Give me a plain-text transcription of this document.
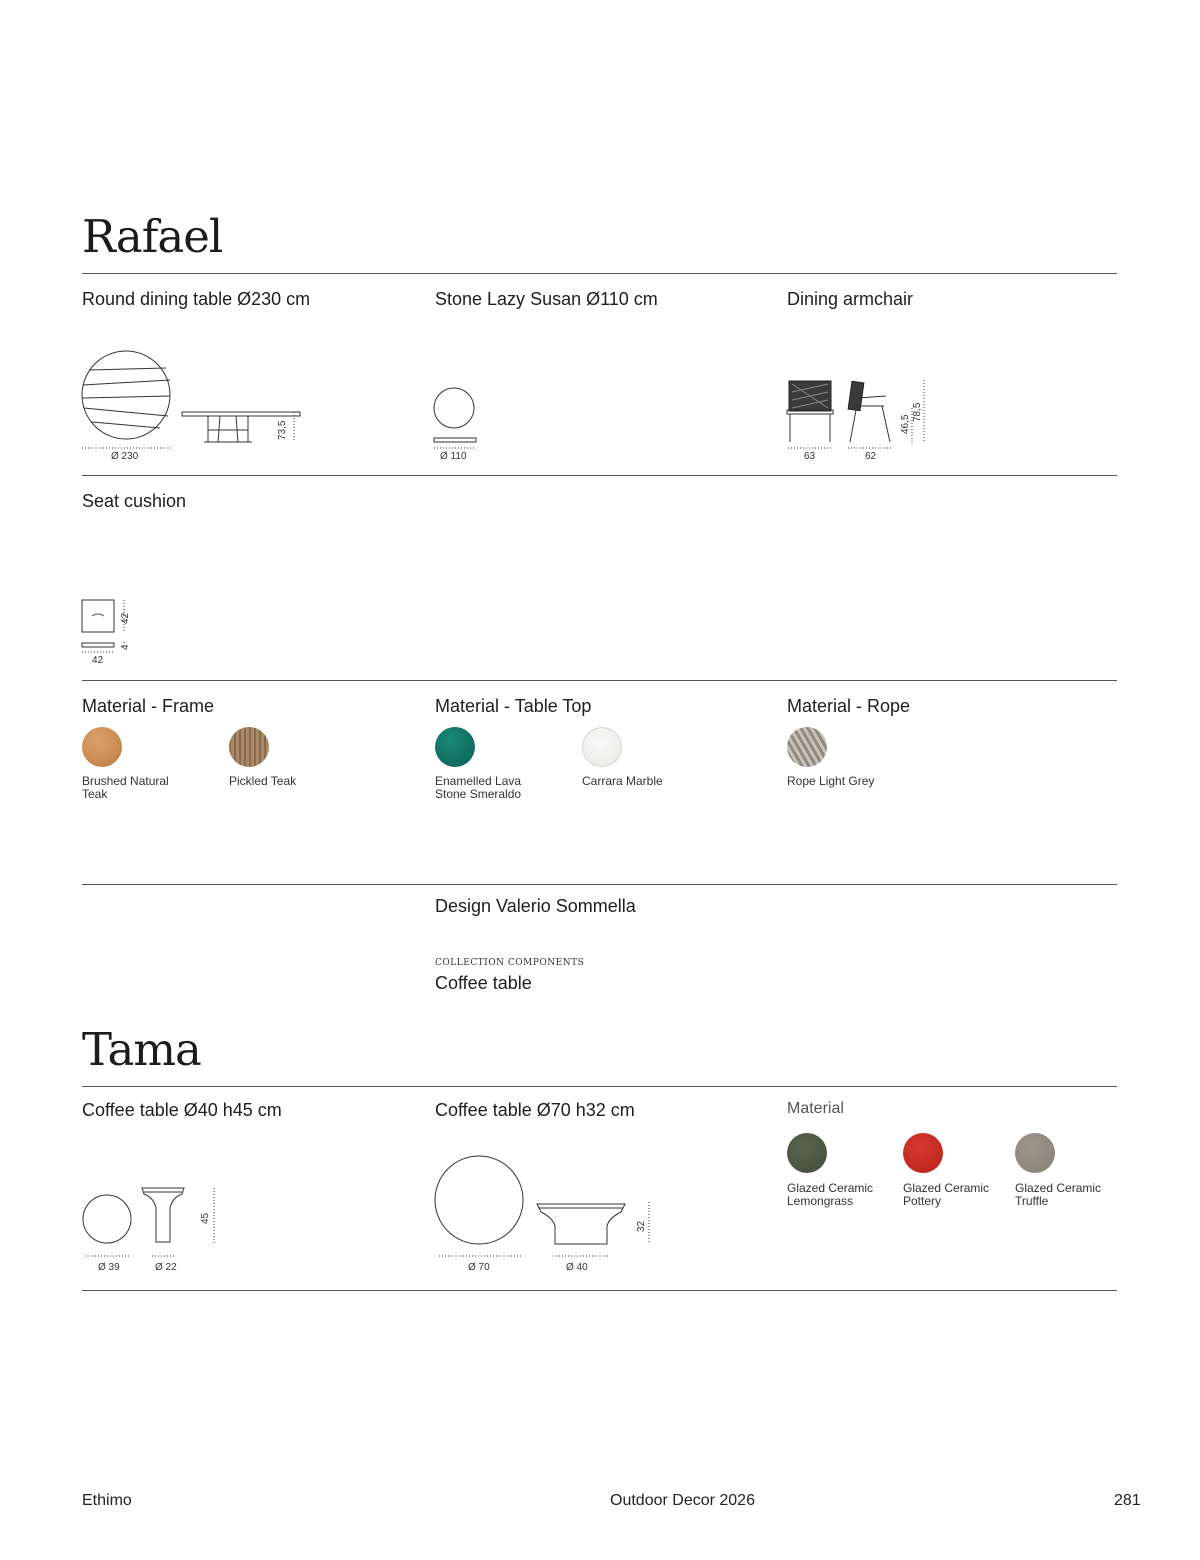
Rafael
Round dining table Ø230 cm	Stone Lazy Susan Ø110 cm	Dining armchair
Ø 230
73,5
Ø 110	63	62
46,5
78,5
Seat cushion
42
4
42
Material - Frame	Material - Table Top	Material - Rope
Brushed Natural Teak
Pickled Teak	Enamelled Lava Stone Smeraldo
Carrara Marble	Rope Light Grey
Design Valerio Sommella
COLLECTION COMPONENTS
Coffee table
Tama
Coffee table Ø40 h45 cm	Coffee table Ø70 h32 cm	Material
Ø 39	Ø 22
45
Ø 70	Ø 40
32
Glazed Ceramic Lemongrass
Glazed Ceramic Pottery
Glazed Ceramic Truffle
Ethimo	Outdoor Decor 2026	281
